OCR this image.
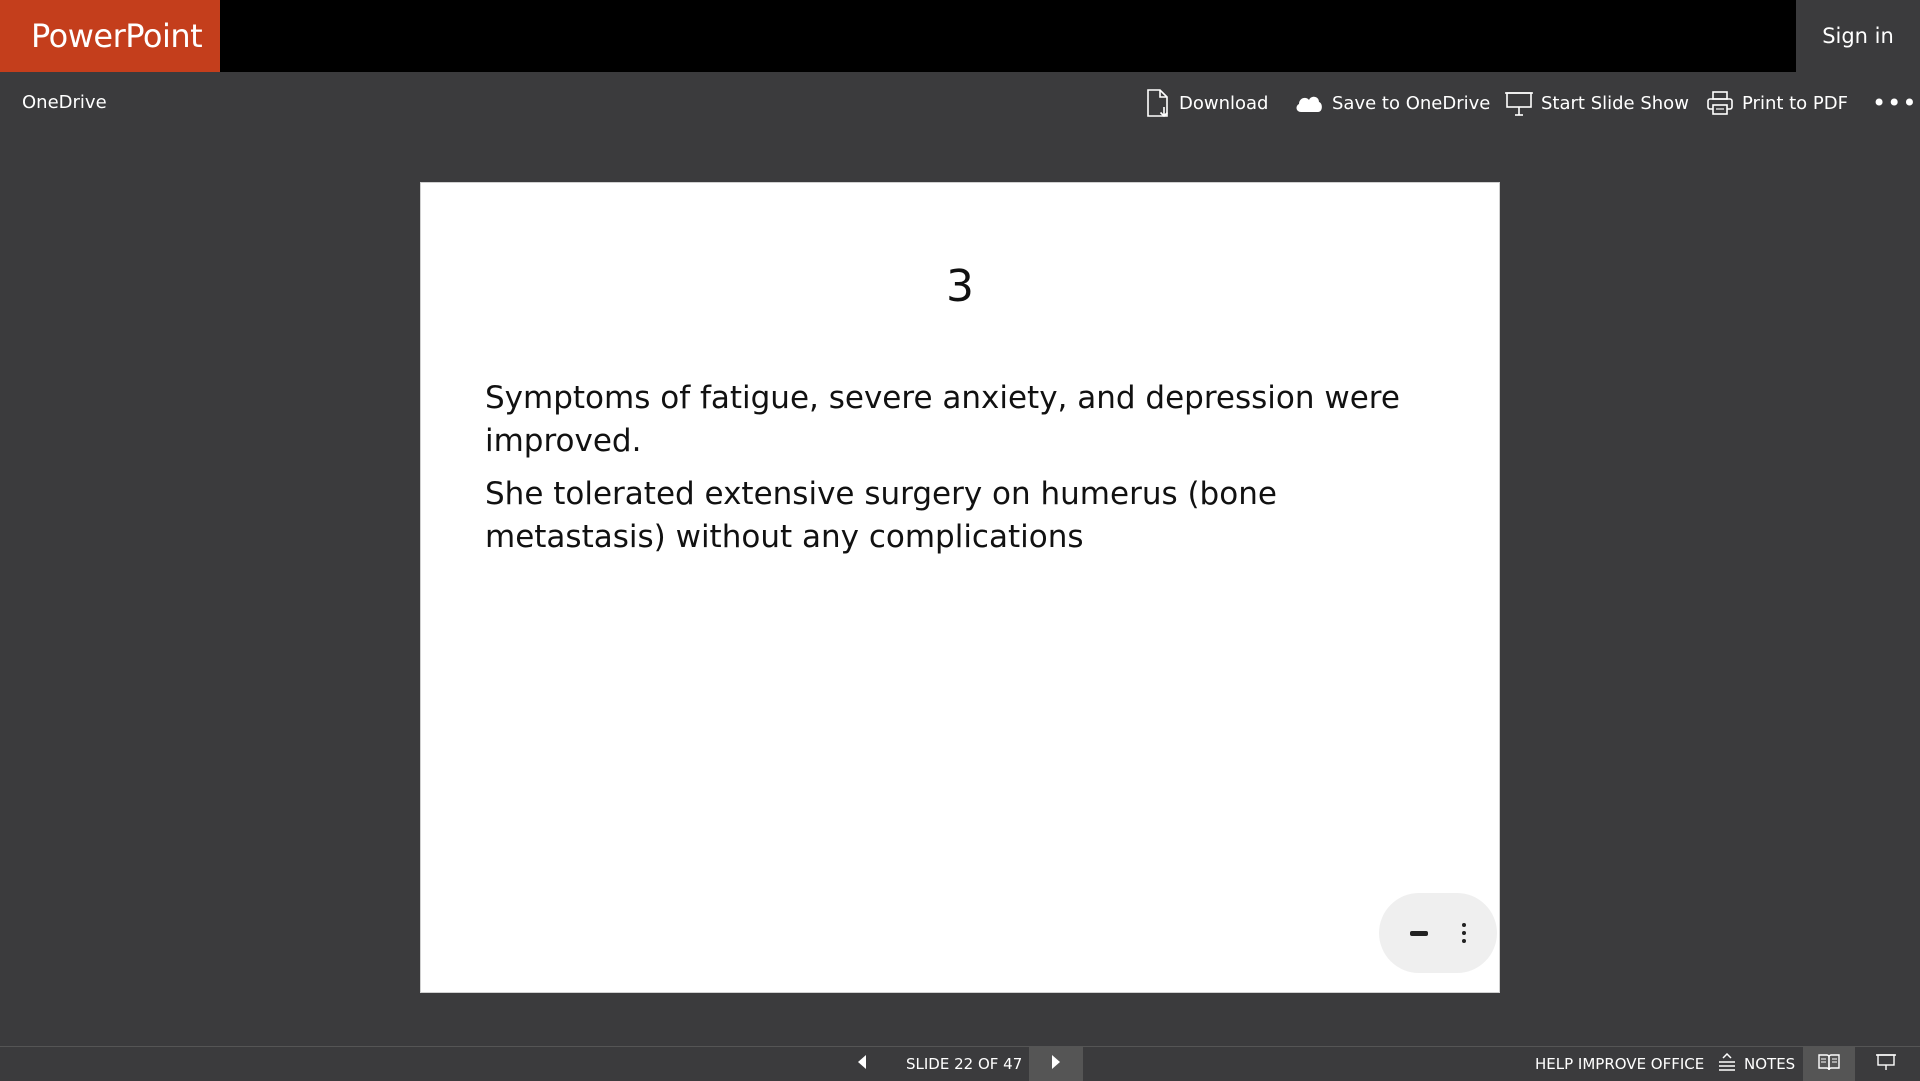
PowerPoint	Sign in
OneDrive	Download	Save to OneDrive	Start Slide Show	Print to PDF •••
3

Symptoms of fatigue, severe anxiety, and depression were improved.

She tolerated extensive surgery on humerus (bone metastasis) without any complications

SLIDE 22 OF 47	HELP IMPROVE OFFICE	NOTES
